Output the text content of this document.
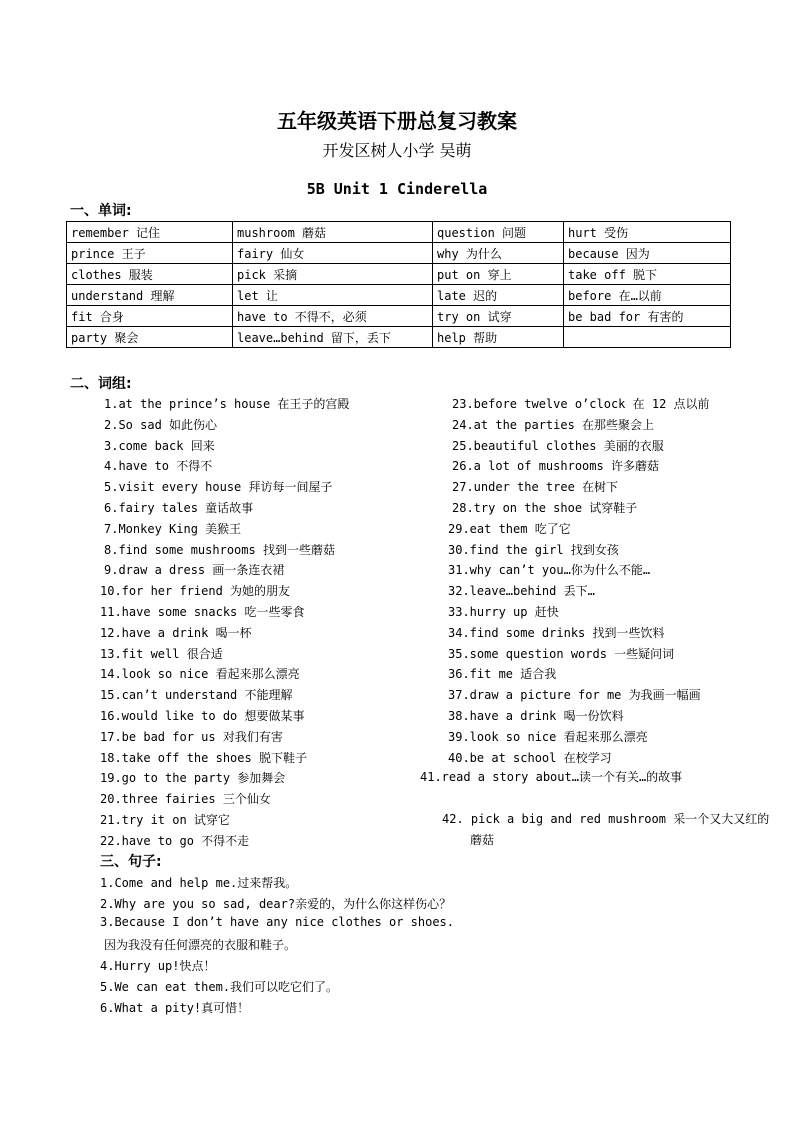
五年级英语下册总复习教案
开发区树人小学 吴萌
5B Unit 1 Cinderella
一、单词:
remember 记住	mushroom 蘑菇	question 问题	hurt 受伤
prince 王子	fairy 仙女	why 为什么	because 因为
clothes 服装	pick 采摘	put on 穿上	take off 脱下
understand 理解	let 让	late 迟的	before 在…以前
fit 合身	have to 不得不，必须	try on 试穿	be bad for 有害的
party 聚会	leave…behind 留下，丢下	help 帮助	
二、词组:
1.at the prince’s house 在王子的宫殿
2.So sad 如此伤心
3.come back 回来
4.have to 不得不
5.visit every house 拜访每一间屋子
6.fairy tales 童话故事
7.Monkey King 美猴王
8.find some mushrooms 找到一些蘑菇
9.draw a dress 画一条连衣裙
10.for her friend 为她的朋友
11.have some snacks 吃一些零食
12.have a drink 喝一杯
13.fit well 很合适
14.look so nice 看起来那么漂亮
15.can’t understand 不能理解
16.would like to do 想要做某事
17.be bad for us 对我们有害
18.take off the shoes 脱下鞋子
19.go to the party 参加舞会
20.three fairies 三个仙女
21.try it on 试穿它
22.have to go 不得不走
23.before twelve o’clock 在 12 点以前
24.at the parties 在那些聚会上
25.beautiful clothes 美丽的衣服
26.a lot of mushrooms 许多蘑菇
27.under the tree 在树下
28.try on the shoe 试穿鞋子
29.eat them 吃了它
30.find the girl 找到女孩
31.why can’t you…你为什么不能…
32.leave…behind 丢下…
33.hurry up 赶快
34.find some drinks 找到一些饮料
35.some question words 一些疑问词
36.fit me 适合我
37.draw a picture for me 为我画一幅画
38.have a drink 喝一份饮料
39.look so nice 看起来那么漂亮
40.be at school 在校学习
41.read a story about…读一个有关…的故事
42. pick a big and red mushroom 采一个又大又红的蘑菇
三、句子:
1.Come and help me.过来帮我。
2.Why are you so sad, dear?亲爱的，为什么你这样伤心？
3.Because I don’t have any nice clothes or shoes.
因为我没有任何漂亮的衣服和鞋子。
4.Hurry up!快点！
5.We can eat them.我们可以吃它们了。
6.What a pity!真可惜！
